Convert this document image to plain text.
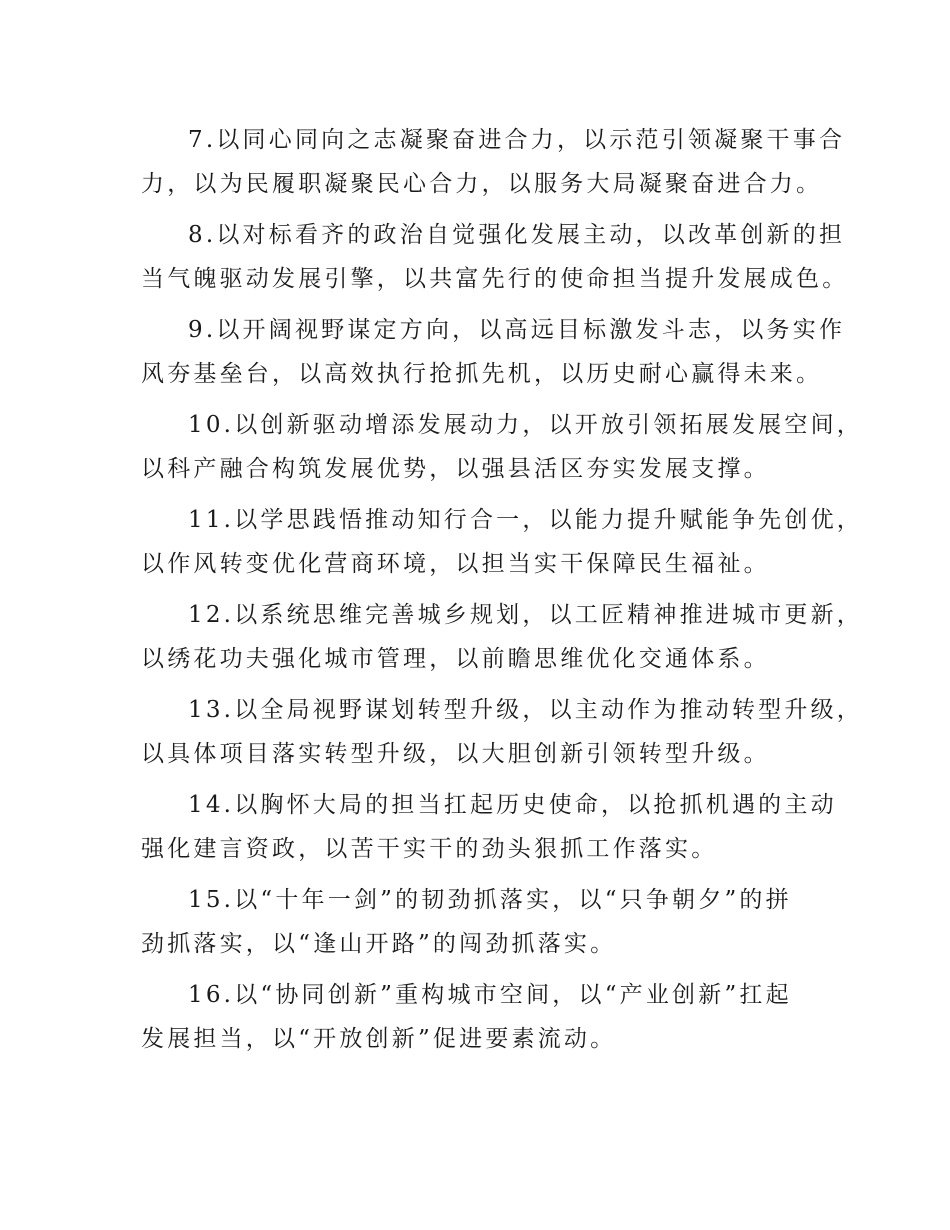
7.以同心同向之志凝聚奋进合力，以示范引领凝聚干事合
力，以为民履职凝聚民心合力，以服务大局凝聚奋进合力。
8.以对标看齐的政治自觉强化发展主动，以改革创新的担
当气魄驱动发展引擎，以共富先行的使命担当提升发展成色。
9.以开阔视野谋定方向，以高远目标激发斗志，以务实作
风夯基垒台，以高效执行抢抓先机，以历史耐心赢得未来。
10.以创新驱动增添发展动力，以开放引领拓展发展空间，
以科产融合构筑发展优势，以强县活区夯实发展支撑。
11.以学思践悟推动知行合一，以能力提升赋能争先创优，
以作风转变优化营商环境，以担当实干保障民生福祉。
12.以系统思维完善城乡规划，以工匠精神推进城市更新，
以绣花功夫强化城市管理，以前瞻思维优化交通体系。
13.以全局视野谋划转型升级，以主动作为推动转型升级，
以具体项目落实转型升级，以大胆创新引领转型升级。
14.以胸怀大局的担当扛起历史使命，以抢抓机遇的主动
强化建言资政，以苦干实干的劲头狠抓工作落实。
15.以“十年一剑”的韧劲抓落实，以“只争朝夕”的拼
劲抓落实，以“逢山开路”的闯劲抓落实。
16.以“协同创新”重构城市空间，以“产业创新”扛起
发展担当，以“开放创新”促进要素流动。
